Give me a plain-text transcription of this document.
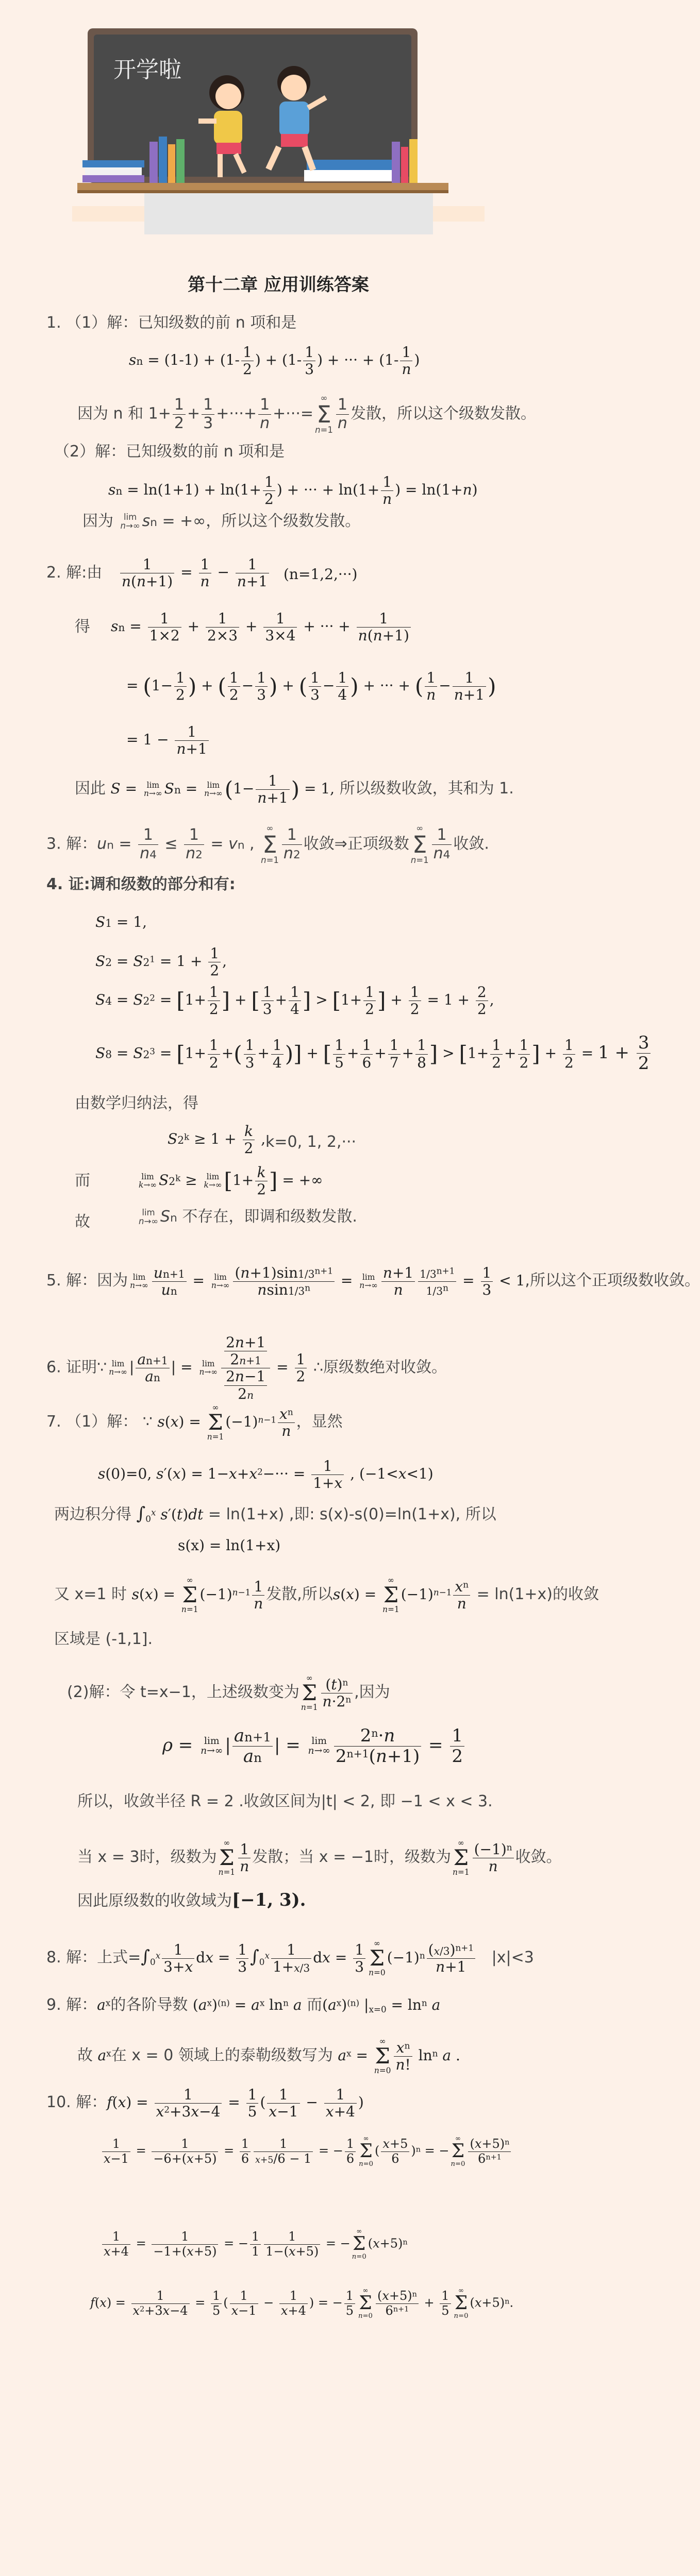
开学啦
第十二章 应用训练答案
1. （1）解：已知级数的前 n 项和是
sn = $(1-1) + (1- \frac{1}{2}$ ) + ($1- \frac{1}{3}$ ) + ··· + ($1- \frac{1}{n}$ )
因为 n 和 $1+ \frac{1}{2} + \frac{1}{3}$ +···+ $\frac{1}{n}$ +···=
∞
Σ
$n=1 \frac{1}{n}$ 发散，所以这个级数发散。
（2）解：已知级数的前 n 项和是
sn = $\ln(1+1) + \ln(1+ \frac{1}{2}$ ) + ··· + $\ln(1+ \frac{1}{n}$ ) = ln(1+n)
因为 lim
n→∞ sn = +∞，所以这个级数发散。
2. 解:由 $\frac{1}{n(n+1)} = \frac{1}{n} - \frac{1}{n+1} (n=1,2,\cdot\cdot\cdot)$
得 sn = $\frac{1}{1\times 2} + \frac{1}{2\times 3} + \frac{1}{3\times 4}$ + ··· + $\frac{1}{n(n+1)}$
= ($1- \frac{1}{2}$ ) + ( $\frac{1}{2} - \frac{1}{3}$ ) + ( $\frac{1}{3} - \frac{1}{4}$ ) + ··· + ( $\frac{1}{n} - \frac{1}{n+1}$ )
= $1 - \frac{1}{n+1}$
因此 S = lim
n→∞ Sn = lim
n→∞ ($1- \frac{1}{n+1}$ ) = 1, 所以级数收敛，其和为 1.
3. 解：un = $\frac{1}{n4} \le \frac{1}{n2}$ = vn ,
∞
Σ
$n=1 \frac{1}{n2}$ 收敛⇒正项级数
∞
Σ
$n=1 \frac{1}{n4}$ 收敛.
4. 证:调和级数的部分和有:
S1 = 1,
$S2 = S2^1 = 1 + \frac{1}{2}$ ,
$S4 = S2^2 = [1+ \frac{1}{2}$ ] + [ $\frac{1}{3} + \frac{1}{4}$ ] > [$1+ \frac{1}{2}$ ] + $\frac{1}{2} = 1 + \frac{2}{2}$ ,
$S8 = S2^3 = [1+ \frac{1}{2}$ +( $\frac{1}{3} + \frac{1}{4}$ )] + [ $\frac{1}{5} + \frac{1}{6} + \frac{1}{7} + \frac{1}{8}$ ] > [$1+ \frac{1}{2} + \frac{1}{2}$ ] + $\frac{1}{2} = 1 + \frac{3}{2}$
由数学归纳法，得
$S2^k \ge 1 + \frac{k}{2}$ , k=0, 1, 2,···
而	lim
k→∞ $S2^k \ge \lim$
k→∞ [$1+ \frac{k}{2}$ ] = +∞
故
lim
n→∞ Sn 不存在，即调和级数发散.
5. 解：因为 lim
$n\to\infty \frac{un+1}{un} = \lim$
$n\to\infty \frac{(n+1)\sin 1/3^{n+1}}{nsin1/3^n} = \lim$
$n\to\infty \frac{n+1}{n} \frac{1/3^{n+1}}{1/3^n} = \frac{1}{3} < 1$,所以这个正项级数收敛。
6. 证明∵ lim
n→∞ | $\frac{an+1}{an}$ | = lim
$n\to\infty \frac{\frac{2n+1}{2n+1}}{\frac{2n-1}{2n}} = \frac{1}{2}$ ∴原级数绝对收敛。
7. （1）解： ∵ s(x) =
∞
Σ
n=1
$(-1)^{n-1} \frac{x^n}{n}$ ，显然
s(0)=0, $s'(x) = 1-x+x^2-\cdot\cdot\cdot = \frac{1}{1+x}$ , (−1<x<1)
两边积分得 $\int_0^x$ s′(t)dt = ln(1+x) ,即: s(x)-s(0)=ln(1+x), 所以
s(x) = ln(1+x)
又 x=1 时 s(x) =
∞
Σ
n=1
$(-1)^{n-1} \frac{1}{n}$ 发散,所以s(x) =
∞
Σ
n=1
$(-1)^{n-1} \frac{x^n}{n} = \ln(1+x)$的收敛
区域是 (-1,1].
(2)解：令 t=x−1，上述级数变为
∞
Σ
$n=1 \frac{(t)^n}{n\cdot 2^n}$ ,因为
ρ = lim
n→∞ | $\frac{an+1}{an}$ | = lim
$n\to\infty \frac{2^n\cdot n}{2^{n+1}(n+1)} = \frac{1}{2}$
所以，收敛半径 R = 2 .收敛区间为|t| < 2, 即 −1 < x < 3.
当 x = 3时，级数为
∞
Σ
$n=1 \frac{1}{n}$ 发散；当 x = −1时，级数为
∞
Σ
$n=1 \frac{(-1)^n}{n}$ 收敛。
因此原级数的收敛域为[−1, 3).
8. 解：上式$=\int_0^x \frac{1}{3+x}$ dx = $\frac{1}{3} \int_0^x \frac{1}{1+x/3}$ dx = $\frac{1}{3}$	∞
Σ
n=0
$(-1)^n \frac{(x/3)^{n+1}}{n+1} |x|<3$
9. 解：$a^x$的各阶导数 $(a^x)^{(n)} = a^x$ $\ln^n a$ 而$(a^x)^{(n)}$ $|_{x=0} = \ln^n a$
故 $a^x$在 x = 0 领域上的泰勒级数写为 $a^x$ =
∞
Σ
$n=0 \frac{x^n}{n!} \ln^n a$ .
10. 解：$f(x) = \frac{1}{x^2+3x-4} = \frac{1}{5}$ ( $\frac{1}{x-1} - \frac{1}{x+4}$ )
$\frac{1}{x-1} = \frac{1}{-6+(x+5)} = \frac{1}{6} \frac{1}{x+5/6 - 1}$ = − $\frac{1}{6}$	∞
Σ
n=0
( $\frac{x+5}{6} )^n$ = −
∞
Σ
$n=0 \frac{(x+5)^n}{6^{n+1}}$
$\frac{1}{x+4} = \frac{1}{-1+(x+5)}$ = − $\frac{1}{1} \frac{1}{1-(x+5)}$ = −
∞
Σ
n=0
$(x+5)^n$
$f(x) = \frac{1}{x^2+3x-4} = \frac{1}{5}$ ( $\frac{1}{x-1} - \frac{1}{x+4}$ ) = − $\frac{1}{5}$	∞
Σ
$n=0 \frac{(x+5)^n}{6^{n+1}} + \frac{1}{5}$	∞
Σ
n=0
$(x+5)^n$.
